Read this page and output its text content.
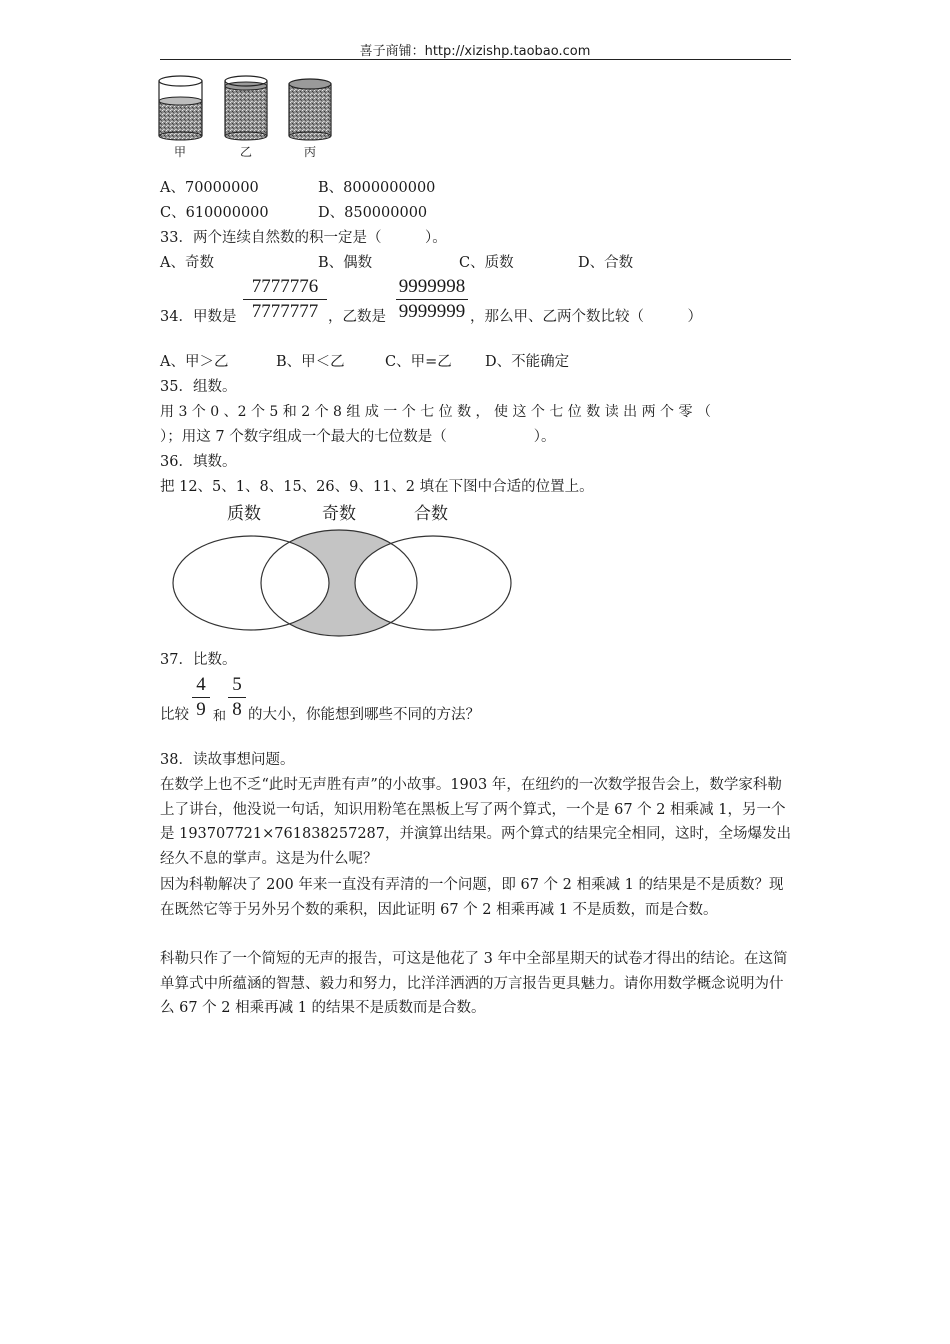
喜子商铺：http://xizishp.taobao.com
甲	乙	丙
A、70000000	B、8000000000
C、610000000	D、850000000
33．两个连续自然数的积一定是（　　　）。
A、奇数	B、偶数	C、质数	D、合数
34．甲数是
7777776
7777777 ，乙数是
9999998
9999999 ，那么甲、乙两个数比较（　　　）
A、甲＞乙	B、甲＜乙	C、甲=乙 D、不能确定
35．组数。
用 3 个 0 、2 个 5 和 2 个 8 组 成 一 个 七 位 数 ， 使 这 个 七 位 数 读 出 两 个 零 （
）；用这 7 个数字组成一个最大的七位数是（　　　　　　）。
36．填数。
把 12、5、1、8、15、26、9、11、2 填在下图中合适的位置上。
质数	奇数	合数
37．比数。
比较
4
9 和
5
8 的大小，你能想到哪些不同的方法？
38．读故事想问题。
在数学上也不乏“此时无声胜有声”的小故事。1903 年，在纽约的一次数学报告会上，数学家科勒上了讲台，他没说一句话，知识用粉笔在黑板上写了两个算式，一个是 67 个 2 相乘减 1，另一个是 193707721×761838257287，并演算出结果。两个算式的结果完全相同，这时，全场爆发出经久不息的掌声。这是为什么呢？
因为科勒解决了 200 年来一直没有弄清的一个问题，即 67 个 2 相乘减 1 的结果是不是质数？现在既然它等于另外另个数的乘积，因此证明 67 个 2 相乘再减 1 不是质数，而是合数。
科勒只作了一个简短的无声的报告，可这是他花了 3 年中全部星期天的试卷才得出的结论。在这简单算式中所蕴涵的智慧、毅力和努力，比洋洋洒洒的万言报告更具魅力。请你用数学概念说明为什么 67 个 2 相乘再减 1 的结果不是质数而是合数。
